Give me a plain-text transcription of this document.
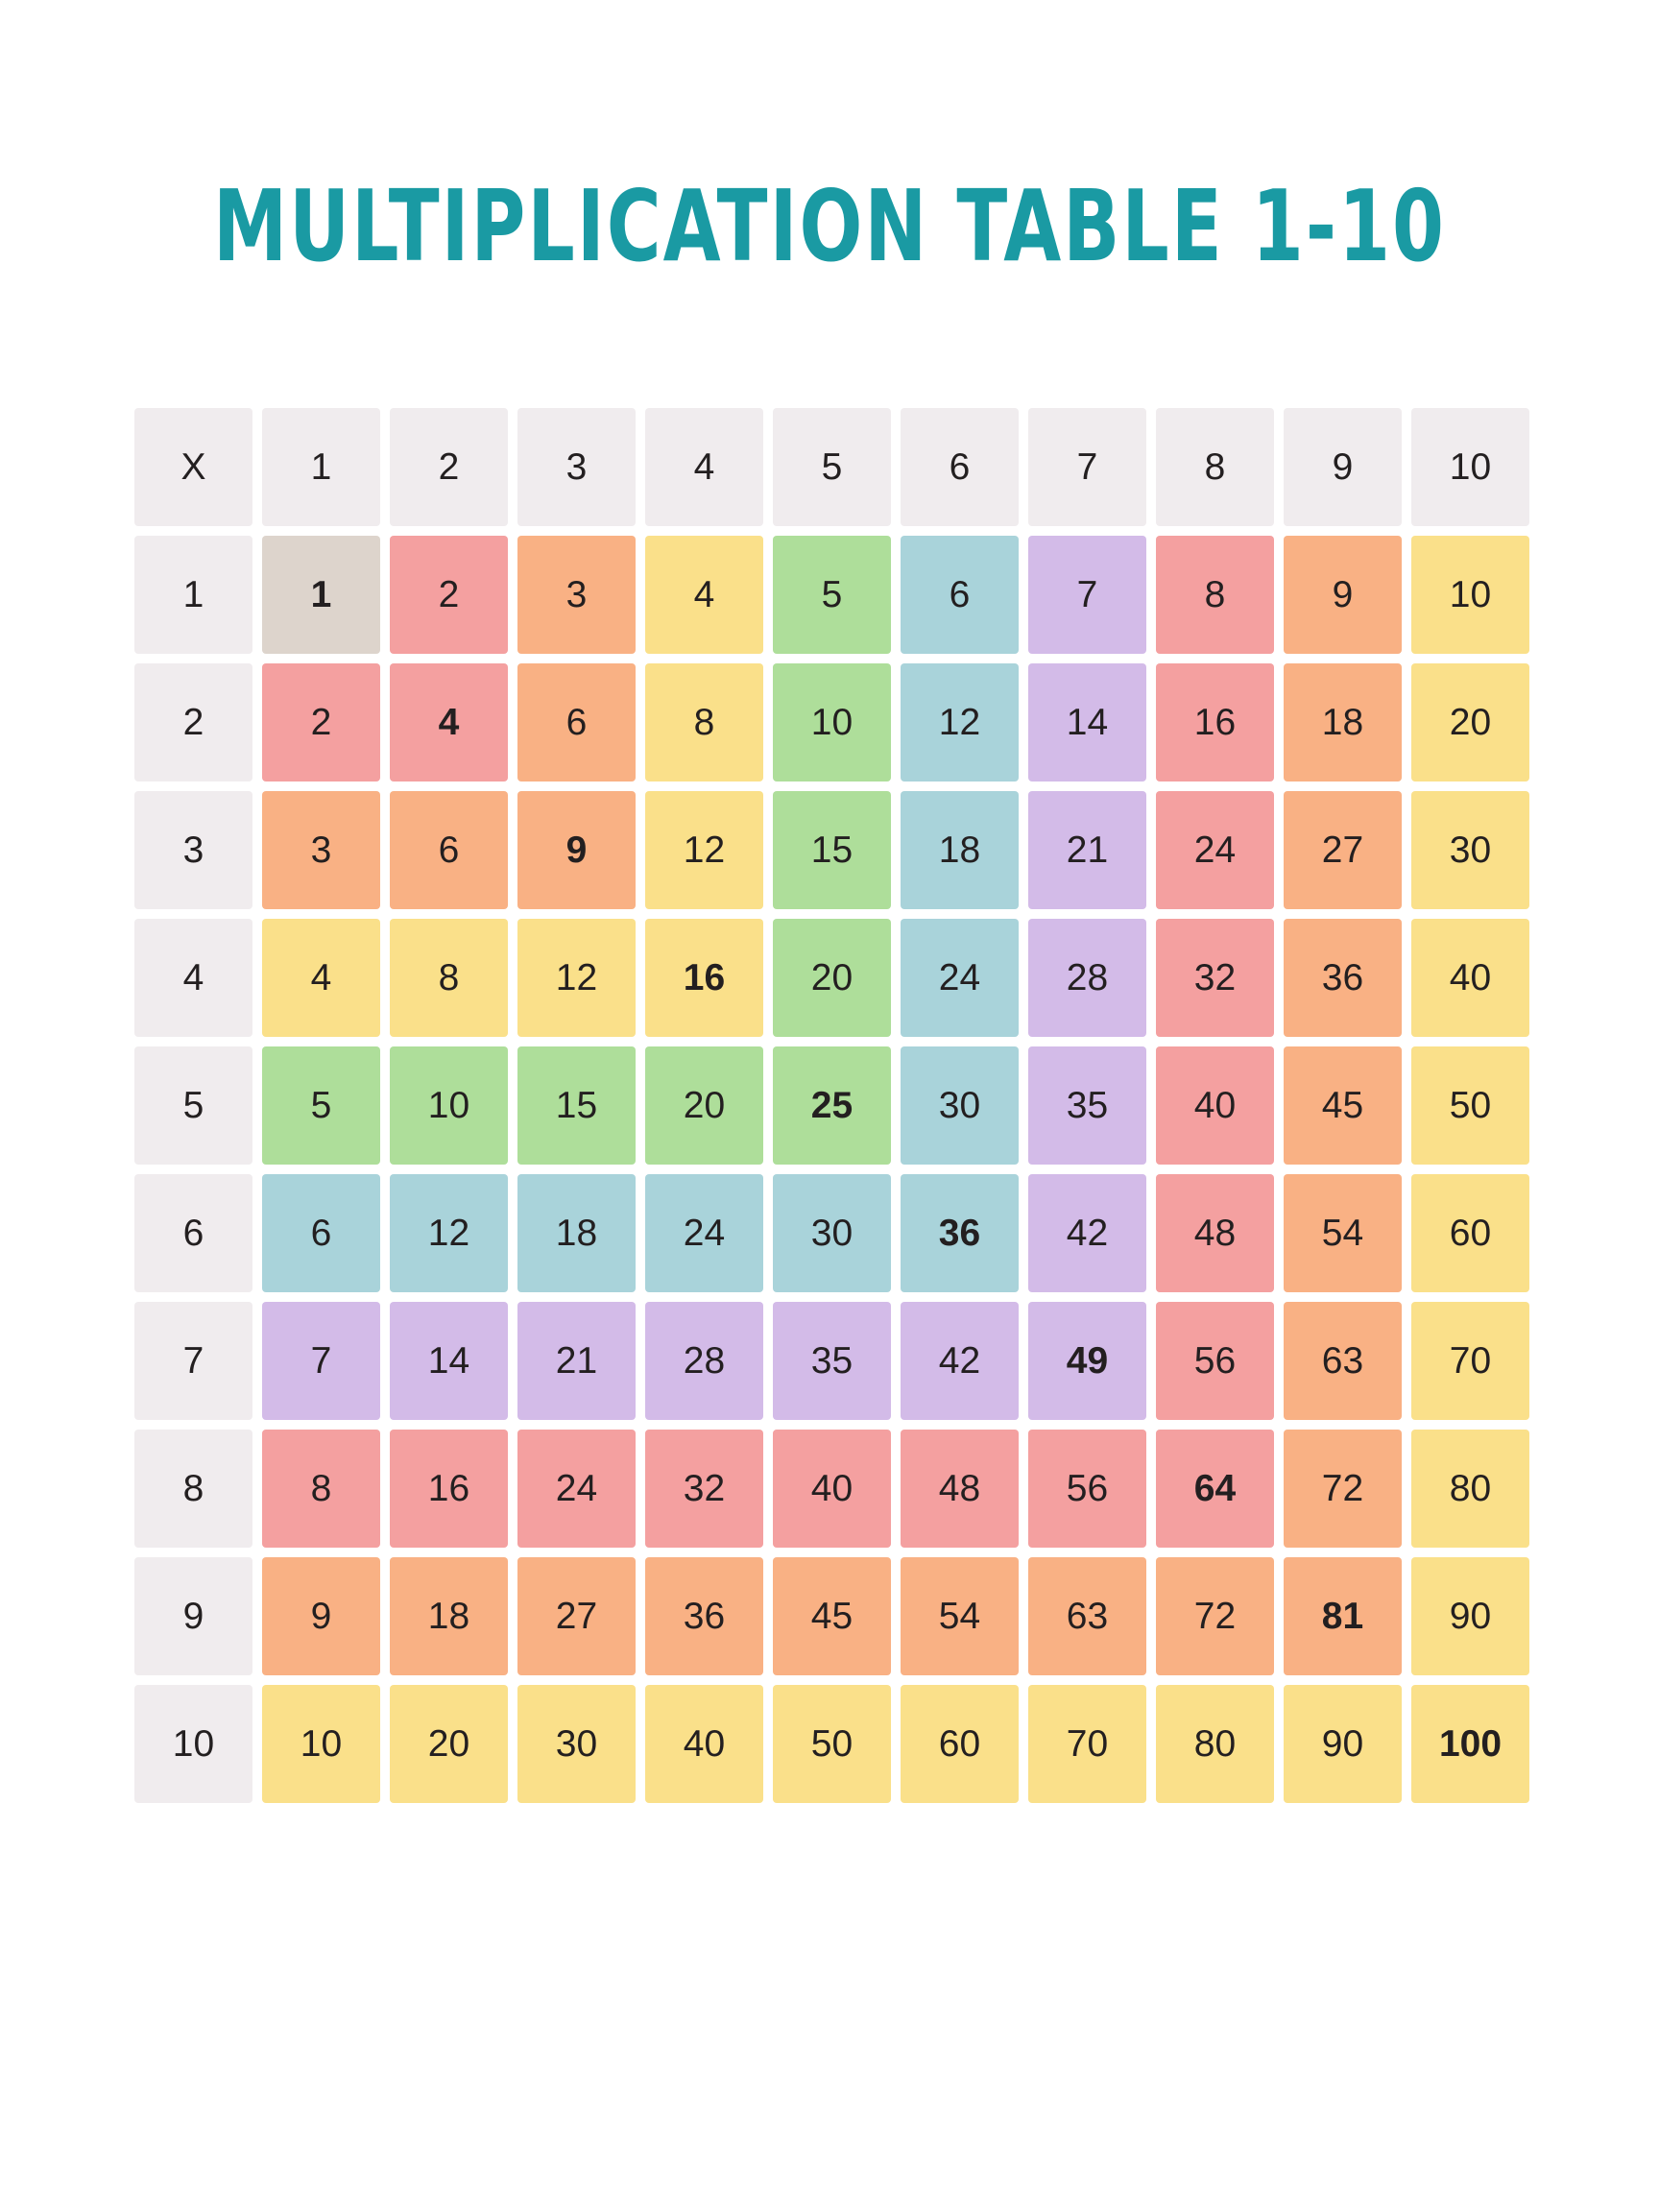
MULTIPLICATION TABLE 1-10
X	1	2	3	4	5	6	7	8	9	10
1	1	2	3	4	5	6	7	8	9	10
2	2	4	6	8	10	12	14	16	18	20
3	3	6	9	12	15	18	21	24	27	30
4	4	8	12	16	20	24	28	32	36	40
5	5	10	15	20	25	30	35	40	45	50
6	6	12	18	24	30	36	42	48	54	60
7	7	14	21	28	35	42	49	56	63	70
8	8	16	24	32	40	48	56	64	72	80
9	9	18	27	36	45	54	63	72	81	90
10	10	20	30	40	50	60	70	80	90	100
